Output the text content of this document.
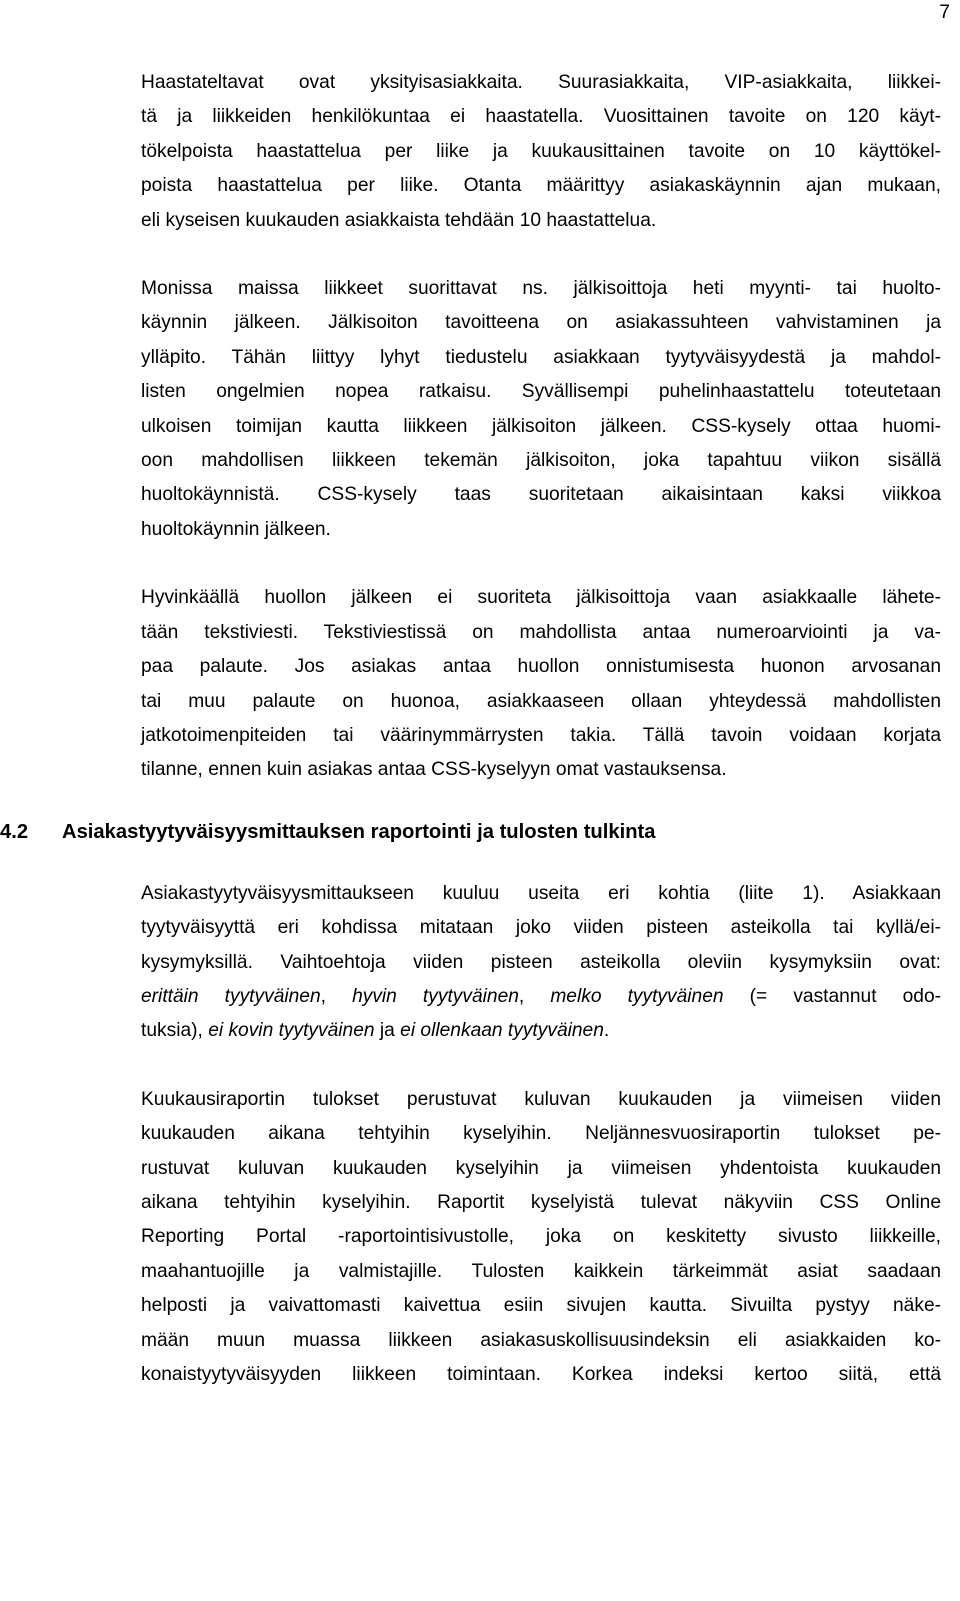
7

Haastateltavat ovat yksityisasiakkaita. Suurasiakkaita, VIP-asiakkaita, liikkei-
tä ja liikkeiden henkilökuntaa ei haastatella. Vuosittainen tavoite on 120 käyt-
tökelpoista haastattelua per liike ja kuukausittainen tavoite on 10 käyttökel-
poista haastattelua per liike. Otanta määrittyy asiakaskäynnin ajan mukaan,
eli kyseisen kuukauden asiakkaista tehdään 10 haastattelua.

Monissa maissa liikkeet suorittavat ns. jälkisoittoja heti myynti- tai huolto-
käynnin jälkeen. Jälkisoiton tavoitteena on asiakassuhteen vahvistaminen ja
ylläpito. Tähän liittyy lyhyt tiedustelu asiakkaan tyytyväisyydestä ja mahdol-
listen ongelmien nopea ratkaisu. Syvällisempi puhelinhaastattelu toteutetaan
ulkoisen toimijan kautta liikkeen jälkisoiton jälkeen. CSS-kysely ottaa huomi-
oon mahdollisen liikkeen tekemän jälkisoiton, joka tapahtuu viikon sisällä
huoltokäynnistä. CSS-kysely taas suoritetaan aikaisintaan kaksi viikkoa
huoltokäynnin jälkeen.

Hyvinkäällä huollon jälkeen ei suoriteta jälkisoittoja vaan asiakkaalle lähete-
tään tekstiviesti. Tekstiviestissä on mahdollista antaa numeroarviointi ja va-
paa palaute. Jos asiakas antaa huollon onnistumisesta huonon arvosanan
tai muu palaute on huonoa, asiakkaaseen ollaan yhteydessä mahdollisten
jatkotoimenpiteiden tai väärinymmärrysten takia. Tällä tavoin voidaan korjata
tilanne, ennen kuin asiakas antaa CSS-kyselyyn omat vastauksensa.

4.2 Asiakastyytyväisyysmittauksen raportointi ja tulosten tulkinta

Asiakastyytyväisyysmittaukseen kuuluu useita eri kohtia (liite 1). Asiakkaan
tyytyväisyyttä eri kohdissa mitataan joko viiden pisteen asteikolla tai kyllä/ei-
kysymyksillä. Vaihtoehtoja viiden pisteen asteikolla oleviin kysymyksiin ovat:
erittäin tyytyväinen, hyvin tyytyväinen, melko tyytyväinen (= vastannut odo-
tuksia), ei kovin tyytyväinen ja ei ollenkaan tyytyväinen.

Kuukausiraportin tulokset perustuvat kuluvan kuukauden ja viimeisen viiden
kuukauden aikana tehtyihin kyselyihin. Neljännesvuosiraportin tulokset pe-
rustuvat kuluvan kuukauden kyselyihin ja viimeisen yhdentoista kuukauden
aikana tehtyihin kyselyihin. Raportit kyselyistä tulevat näkyviin CSS Online
Reporting Portal -raportointisivustolle, joka on keskitetty sivusto liikkeille,
maahantuojille ja valmistajille. Tulosten kaikkein tärkeimmät asiat saadaan
helposti ja vaivattomasti kaivettua esiin sivujen kautta. Sivuilta pystyy näke-
mään muun muassa liikkeen asiakasuskollisuusindeksin eli asiakkaiden ko-
konaistyytyväisyyden liikkeen toimintaan. Korkea indeksi kertoo siitä, että
